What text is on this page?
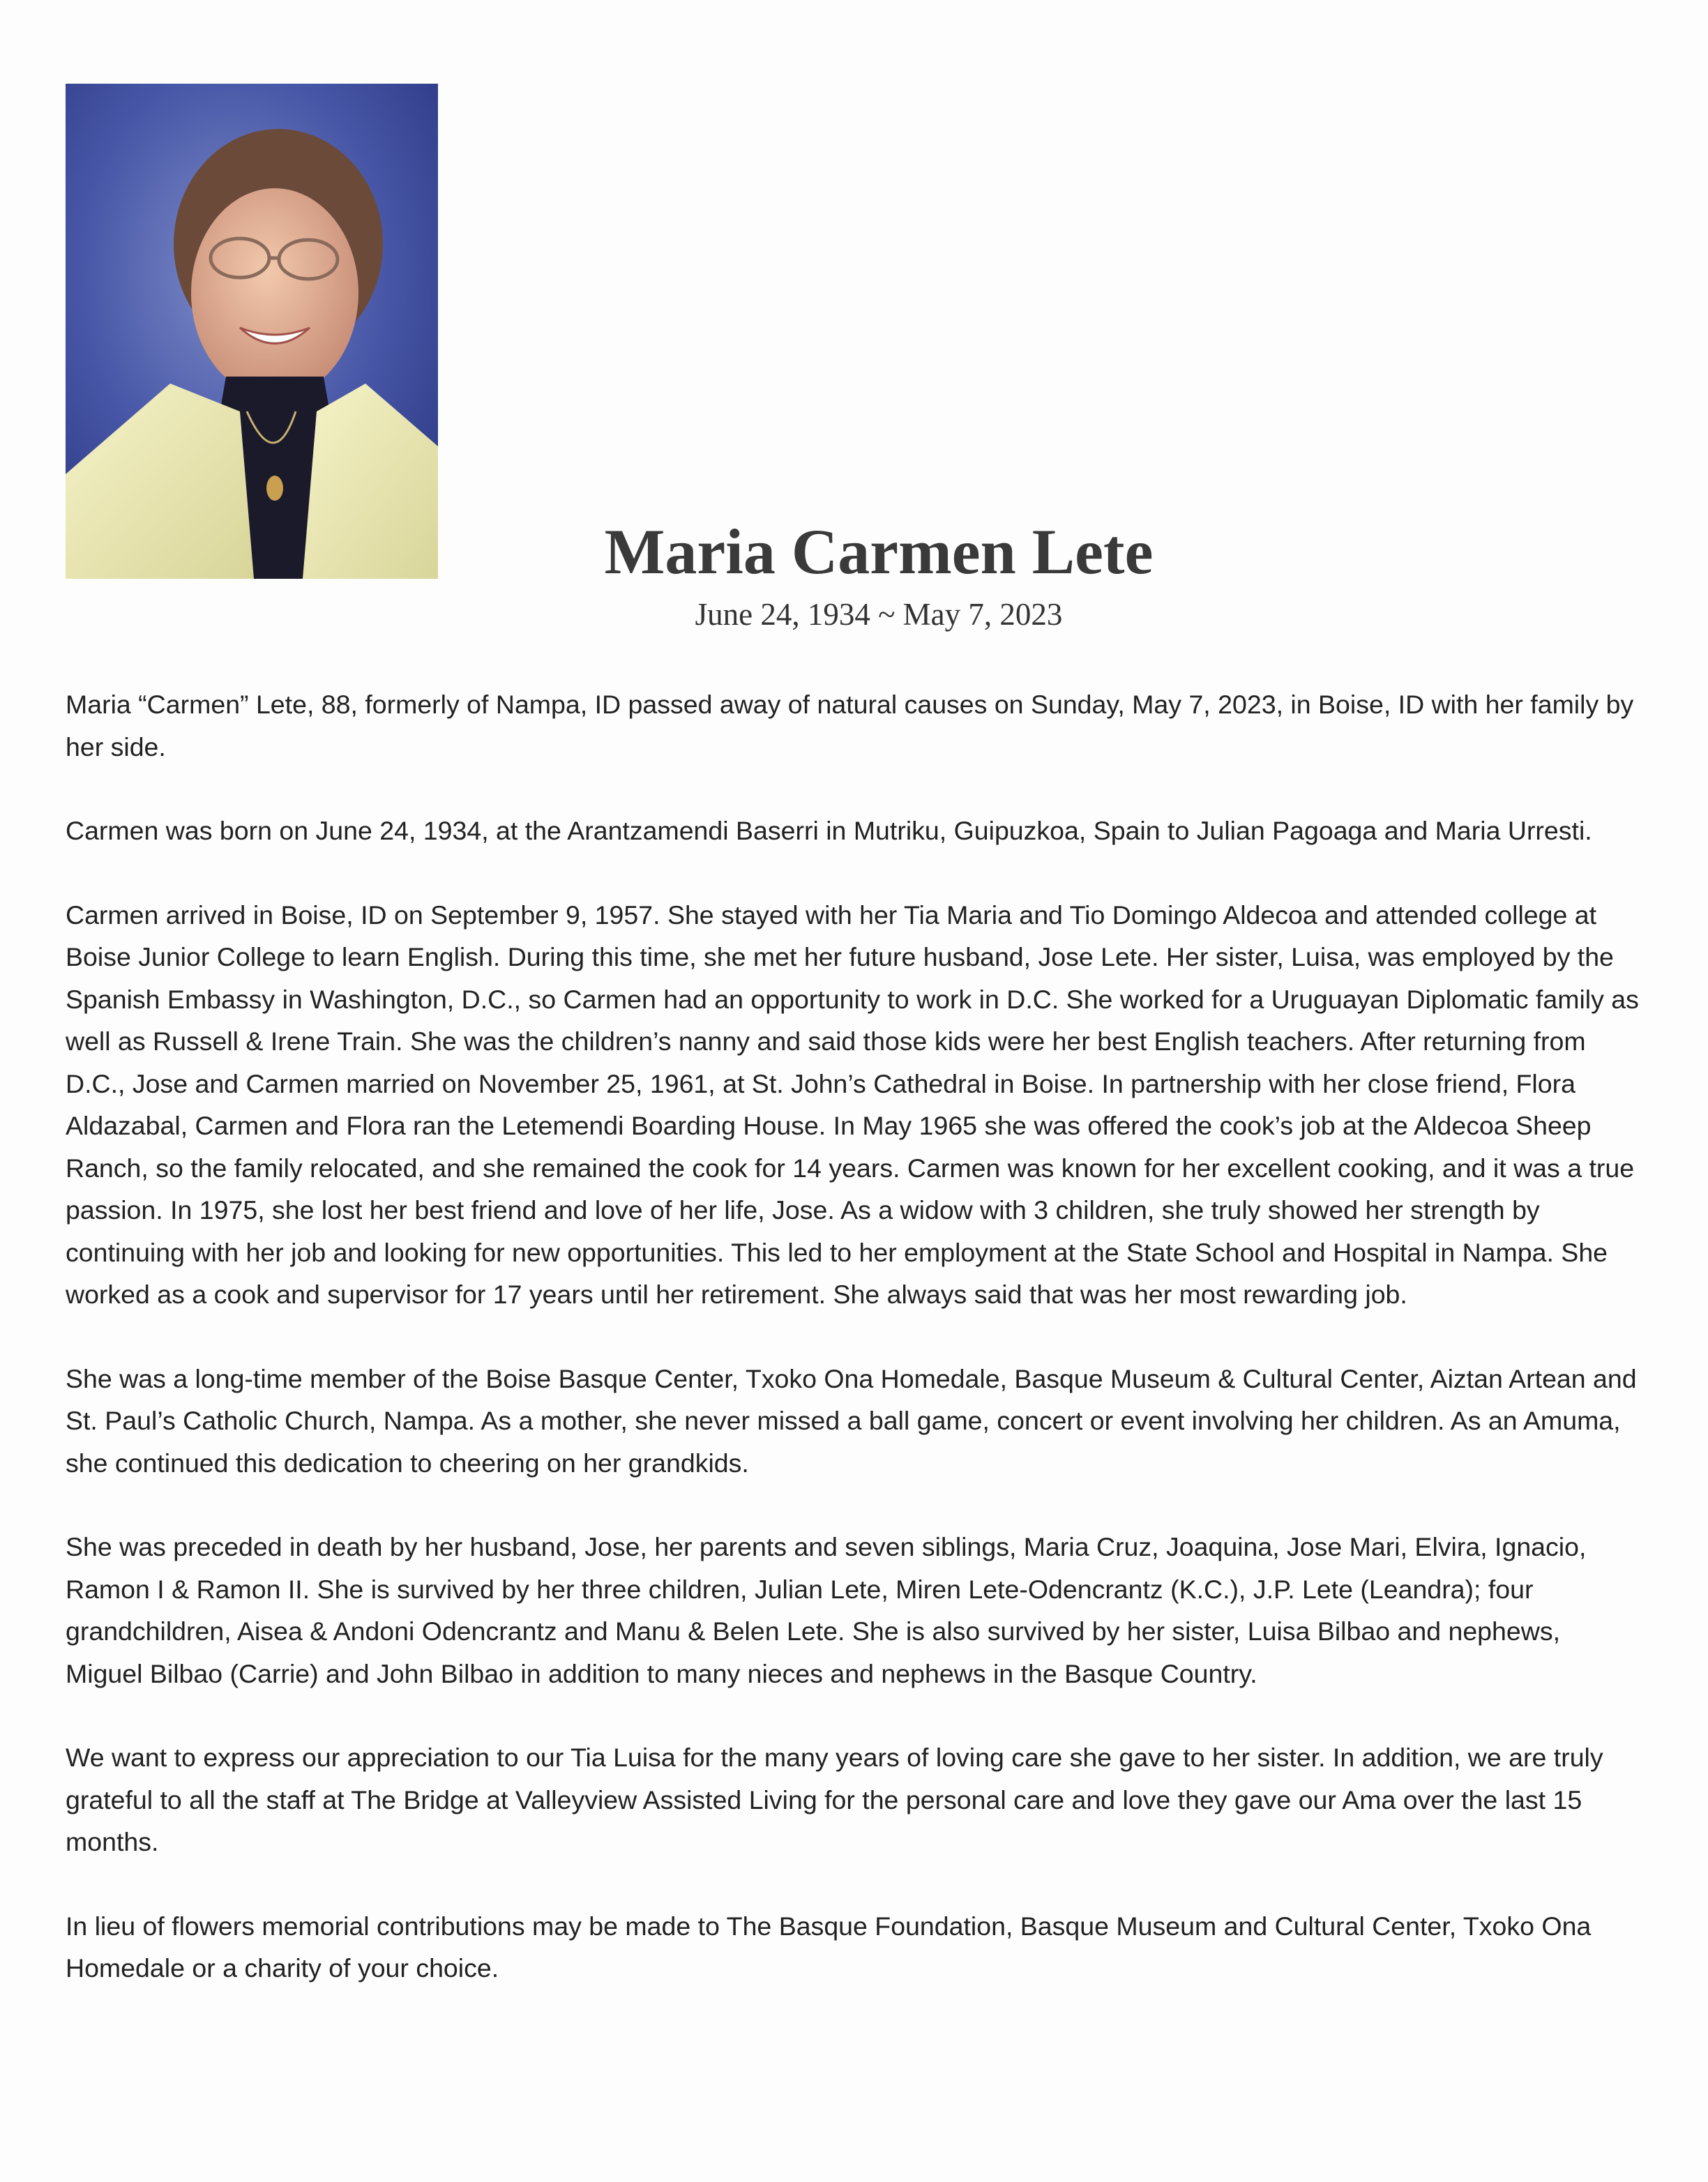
Maria Carmen Lete
June 24, 1934 ~ May 7, 2023

Maria “Carmen” Lete, 88, formerly of Nampa, ID passed away of natural causes on Sunday, May 7, 2023, in Boise, ID with her family by her side.

Carmen was born on June 24, 1934, at the Arantzamendi Baserri in Mutriku, Guipuzkoa, Spain to Julian Pagoaga and Maria Urresti.

Carmen arrived in Boise, ID on September 9, 1957. She stayed with her Tia Maria and Tio Domingo Aldecoa and attended college at Boise Junior College to learn English. During this time, she met her future husband, Jose Lete. Her sister, Luisa, was employed by the Spanish Embassy in Washington, D.C., so Carmen had an opportunity to work in D.C. She worked for a Uruguayan Diplomatic family as well as Russell & Irene Train. She was the children’s nanny and said those kids were her best English teachers. After returning from D.C., Jose and Carmen married on November 25, 1961, at St. John’s Cathedral in Boise. In partnership with her close friend, Flora Aldazabal, Carmen and Flora ran the Letemendi Boarding House. In May 1965 she was offered the cook’s job at the Aldecoa Sheep Ranch, so the family relocated, and she remained the cook for 14 years. Carmen was known for her excellent cooking, and it was a true passion. In 1975, she lost her best friend and love of her life, Jose. As a widow with 3 children, she truly showed her strength by continuing with her job and looking for new opportunities. This led to her employment at the State School and Hospital in Nampa. She worked as a cook and supervisor for 17 years until her retirement. She always said that was her most rewarding job.

She was a long-time member of the Boise Basque Center, Txoko Ona Homedale, Basque Museum & Cultural Center, Aiztan Artean and St. Paul’s Catholic Church, Nampa. As a mother, she never missed a ball game, concert or event involving her children. As an Amuma, she continued this dedication to cheering on her grandkids.

She was preceded in death by her husband, Jose, her parents and seven siblings, Maria Cruz, Joaquina, Jose Mari, Elvira, Ignacio, Ramon I & Ramon II. She is survived by her three children, Julian Lete, Miren Lete-Odencrantz (K.C.), J.P. Lete (Leandra); four grandchildren, Aisea & Andoni Odencrantz and Manu & Belen Lete. She is also survived by her sister, Luisa Bilbao and nephews, Miguel Bilbao (Carrie) and John Bilbao in addition to many nieces and nephews in the Basque Country.

We want to express our appreciation to our Tia Luisa for the many years of loving care she gave to her sister. In addition, we are truly grateful to all the staff at The Bridge at Valleyview Assisted Living for the personal care and love they gave our Ama over the last 15 months.

In lieu of flowers memorial contributions may be made to The Basque Foundation, Basque Museum and Cultural Center, Txoko Ona Homedale or a charity of your choice.
